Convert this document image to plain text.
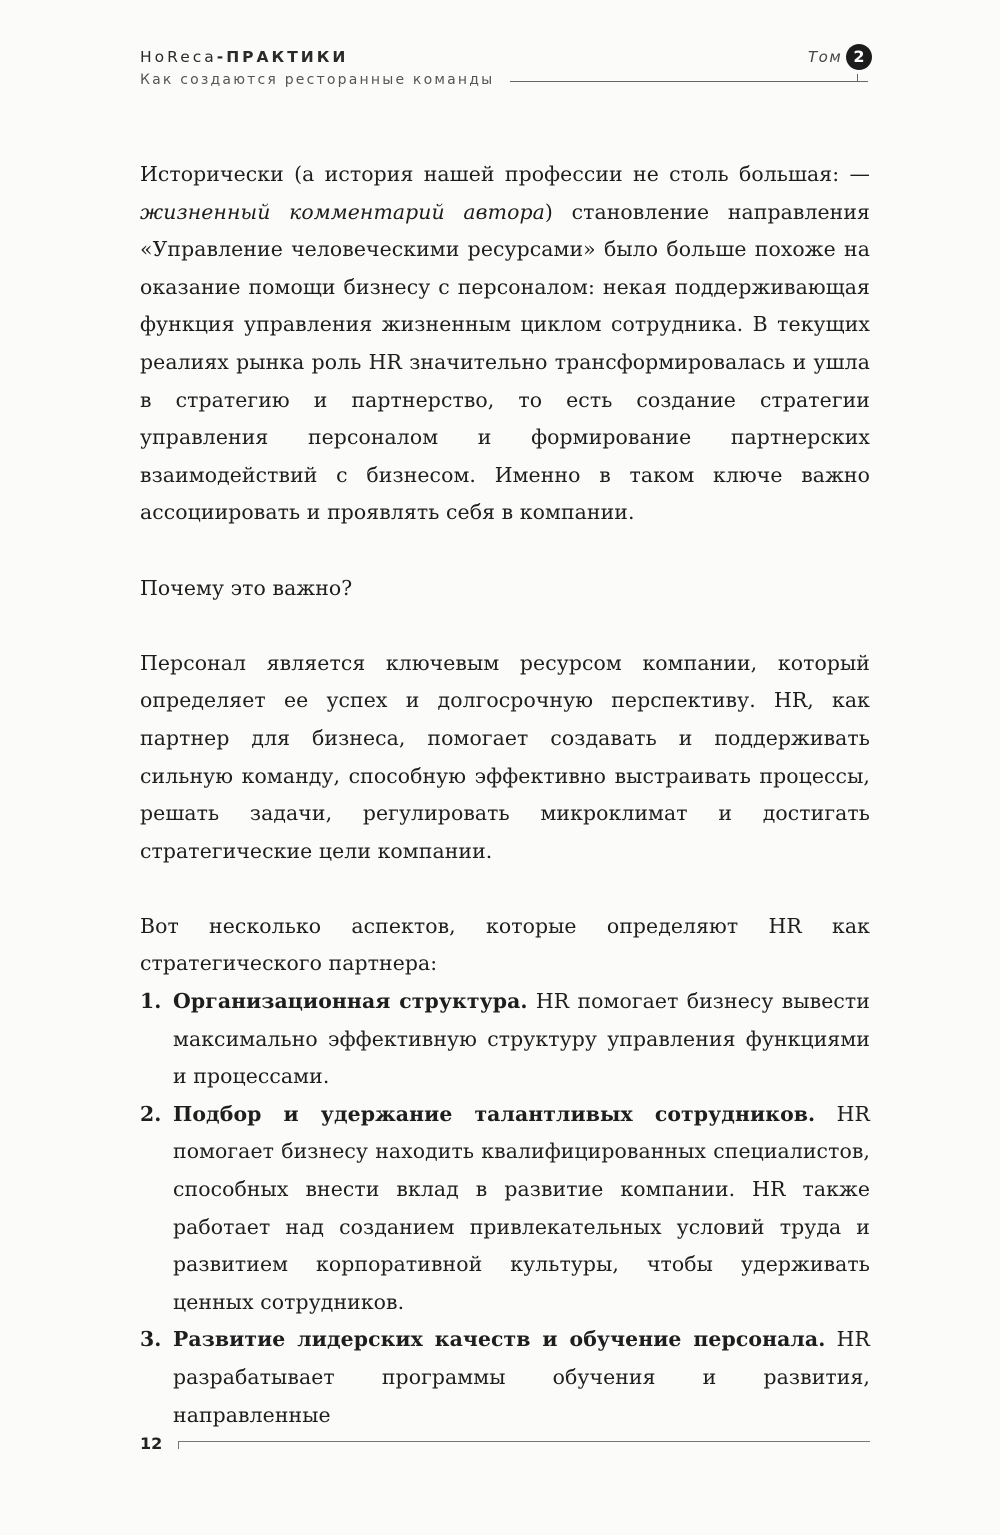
HoReca-ПРАКТИКИ
Как создаются ресторанные команды
Том 2

Исторически (а история нашей профессии не столь большая: — жизненный комментарий автора) становление направления «Управление человеческими ресурсами» было больше похоже на оказание помощи бизнесу с персоналом: некая поддерживающая функция управления жизненным циклом сотрудника. В текущих реалиях рынка роль HR значительно трансформировалась и ушла в стратегию и партнерство, то есть создание стратегии управления персоналом и формирование партнерских взаимодействий с бизнесом. Именно в таком ключе важно ассоциировать и проявлять себя в компании.

Почему это важно?

Персонал является ключевым ресурсом компании, который определяет ее успех и долгосрочную перспективу. HR, как партнер для бизнеса, помогает создавать и поддерживать сильную команду, способную эффективно выстраивать процессы, решать задачи, регулировать микроклимат и достигать стратегические цели компании.

Вот несколько аспектов, которые определяют HR как стратегического партнера:

1. Организационная структура. HR помогает бизнесу вывести максимально эффективную структуру управления функциями и процессами.
2. Подбор и удержание талантливых сотрудников. HR помогает бизнесу находить квалифицированных специалистов, способных внести вклад в развитие компании. HR также работает над созданием привлекательных условий труда и развитием корпоративной культуры, чтобы удерживать ценных сотрудников.
3. Развитие лидерских качеств и обучение персонала. HR разрабатывает программы обучения и развития, направленные
12
